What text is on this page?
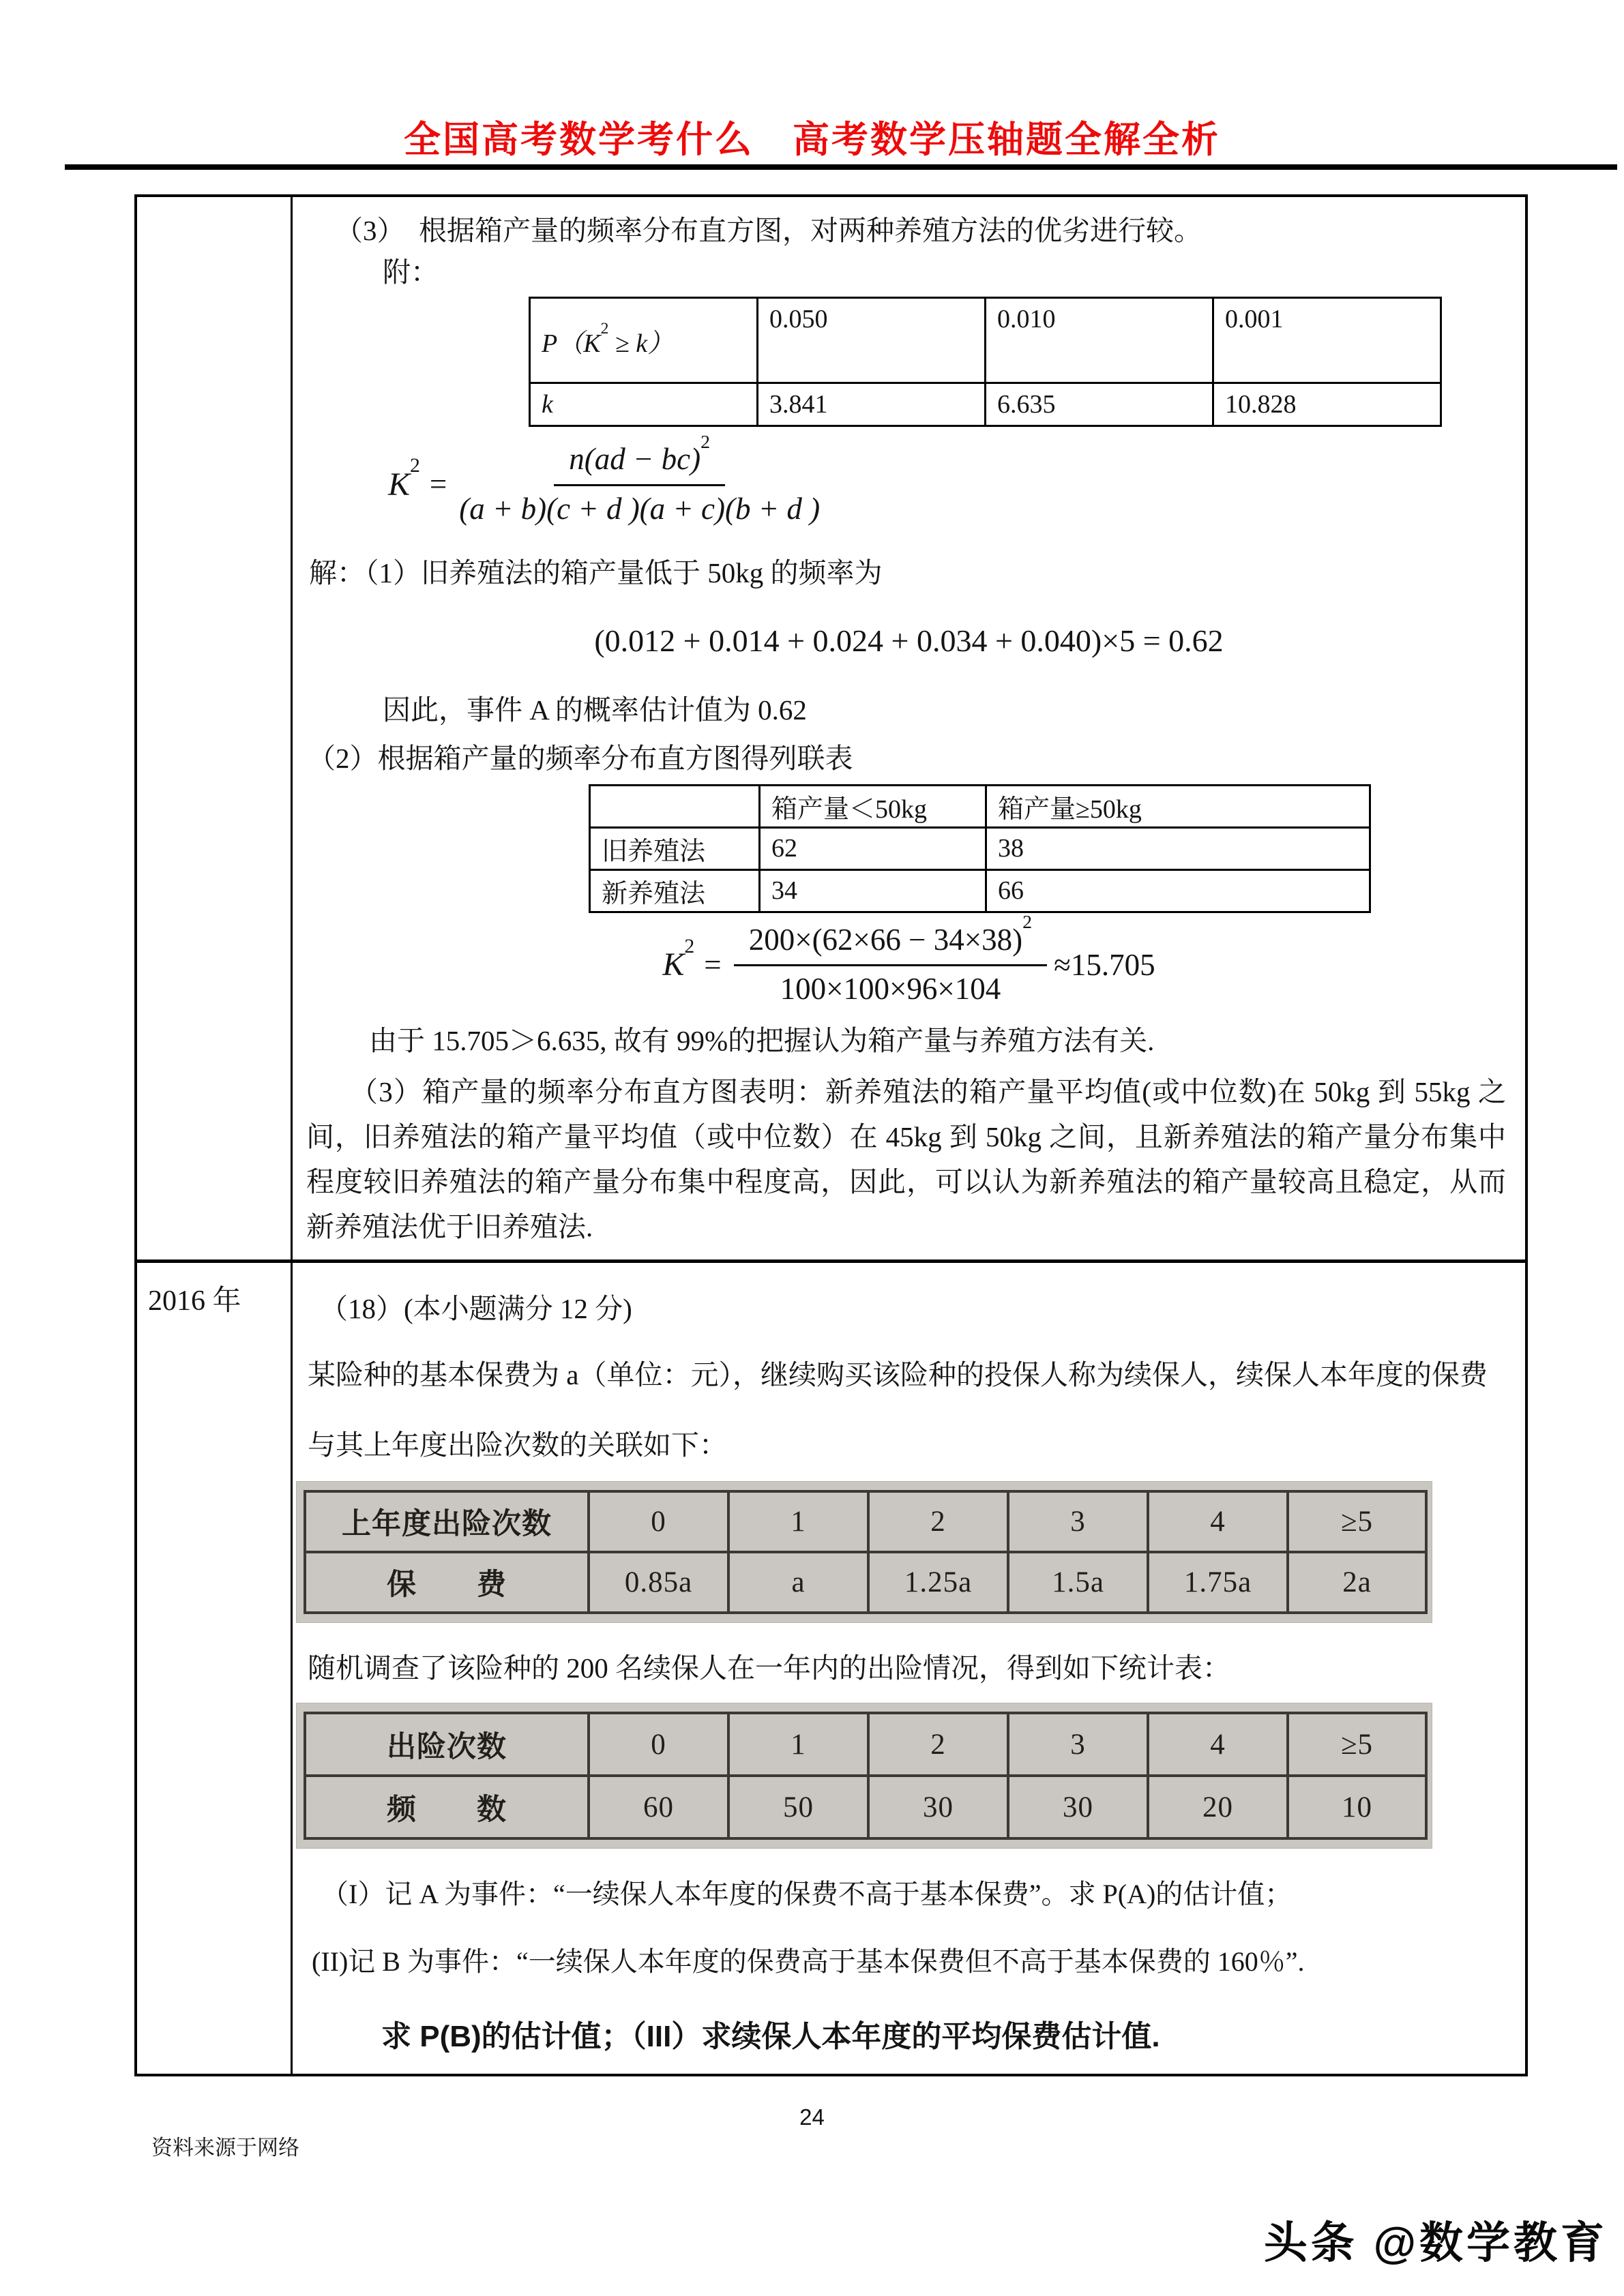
全国高考数学考什么　高考数学压轴题全解全析
（3）　根据箱产量的频率分布直方图，对两种养殖方法的优劣进行较。
附：
$P(K^2 \ge k)$	0.050	0.010	0.001
k	3.841	6.635	10.828
$K^2$
= $\frac{n(ad - bc)^2}{(a + b)(c + d )(a + c)(b + d )}$
解：（1）旧养殖法的箱产量低于 50kg 的频率为
(0.012 + 0.014 + 0.024 + 0.034 + 0.040)×5 = 0.62
因此，事件 A 的概率估计值为 0.62
（2）根据箱产量的频率分布直方图得列联表
	箱产量＜50kg	箱产量≥50kg
旧养殖法	62	38
新养殖法	34	66
$K^2$
= $\frac{200\times(62\times 66 - 34\times 38)^2}{100\times 100\times 96\times 104} \approx 15.705$
由于 15.705＞6.635, 故有 99%的把握认为箱产量与养殖方法有关.
（3）箱产量的频率分布直方图表明：新养殖法的箱产量平均值(或中位数)在 50kg 到 55kg 之间，旧养殖法的箱产量平均值（或中位数）在 45kg 到 50kg 之间，且新养殖法的箱产量分布集中程度较旧养殖法的箱产量分布集中程度高，因此，可以认为新养殖法的箱产量较高且稳定，从而新养殖法优于旧养殖法.
2016 年	（18）(本小题满分 12 分)
某险种的基本保费为 a（单位：元），继续购买该险种的投保人称为续保人，续保人本年度的保费
与其上年度出险次数的关联如下：
上年度出险次数	0	1	2	3	4	≥5
保　　费	0.85a	a	1.25a	1.5a	1.75a	2a
随机调查了该险种的 200 名续保人在一年内的出险情况，得到如下统计表：
出险次数	0	1	2	3	4	≥5
频　　数	60	50	30	30	20	10
（I）记 A 为事件：“一续保人本年度的保费不高于基本保费”。求 P(A)的估计值；
(II)记 B 为事件：“一续保人本年度的保费高于基本保费但不高于基本保费的 160％”.
求 P(B)的估计值；（III）求续保人本年度的平均保费估计值.
24
资料来源于网络
头条 @数学教育
